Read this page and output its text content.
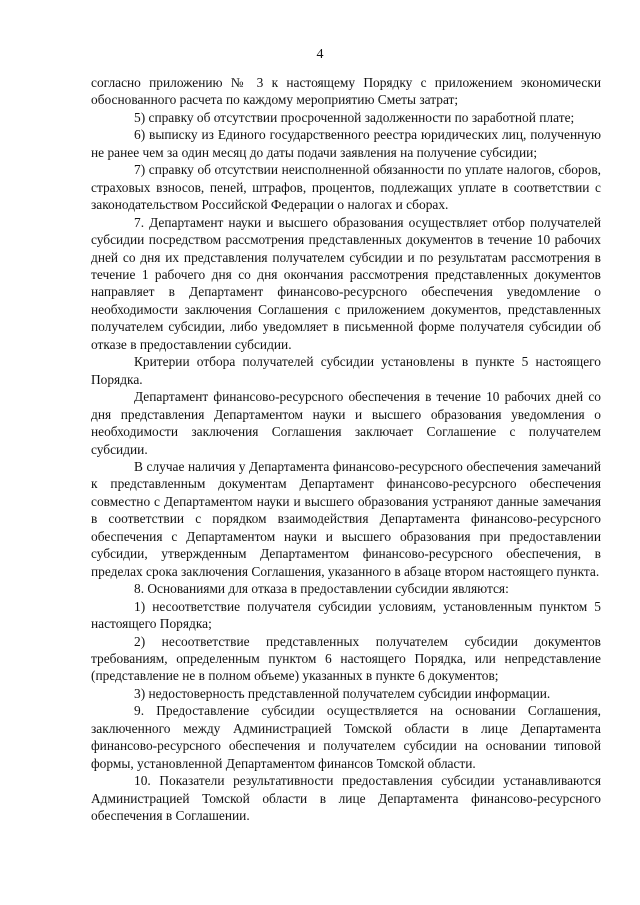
4

согласно приложению № 3 к настоящему Порядку с приложением экономически обоснованного расчета по каждому мероприятию Сметы затрат;

5) справку об отсутствии просроченной задолженности по заработной плате;

6) выписку из Единого государственного реестра юридических лиц, полученную не ранее чем за один месяц до даты подачи заявления на получение субсидии;

7) справку об отсутствии неисполненной обязанности по уплате налогов, сборов, страховых взносов, пеней, штрафов, процентов, подлежащих уплате в соответствии с законодательством Российской Федерации о налогах и сборах.

7. Департамент науки и высшего образования осуществляет отбор получателей субсидии посредством рассмотрения представленных документов в течение 10 рабочих дней со дня их представления получателем субсидии и по результатам рассмотрения в течение 1 рабочего дня со дня окончания рассмотрения представленных документов направляет в Департамент финансово-ресурсного обеспечения уведомление о необходимости заключения Соглашения с приложением документов, представленных получателем субсидии, либо уведомляет в письменной форме получателя субсидии об отказе в предоставлении субсидии.

Критерии отбора получателей субсидии установлены в пункте 5 настоящего Порядка.

Департамент финансово-ресурсного обеспечения в течение 10 рабочих дней со дня представления Департаментом науки и высшего образования уведомления о необходимости заключения Соглашения заключает Соглашение с получателем субсидии.

В случае наличия у Департамента финансово-ресурсного обеспечения замечаний к представленным документам Департамент финансово-ресурсного обеспечения совместно с Департаментом науки и высшего образования устраняют данные замечания в соответствии с порядком взаимодействия Департамента финансово-ресурсного обеспечения с Департаментом науки и высшего образования при предоставлении субсидии, утвержденным Департаментом финансово-ресурсного обеспечения, в пределах срока заключения Соглашения, указанного в абзаце втором настоящего пункта.

8. Основаниями для отказа в предоставлении субсидии являются:

1) несоответствие получателя субсидии условиям, установленным пунктом 5 настоящего Порядка;

2) несоответствие представленных получателем субсидии документов требованиям, определенным пунктом 6 настоящего Порядка, или непредставление (представление не в полном объеме) указанных в пункте 6 документов;

3) недостоверность представленной получателем субсидии информации.

9. Предоставление субсидии осуществляется на основании Соглашения, заключенного между Администрацией Томской области в лице Департамента финансово-ресурсного обеспечения и получателем субсидии на основании типовой формы, установленной Департаментом финансов Томской области.

10. Показатели результативности предоставления субсидии устанавливаются Администрацией Томской области в лице Департамента финансово-ресурсного обеспечения в Соглашении.
